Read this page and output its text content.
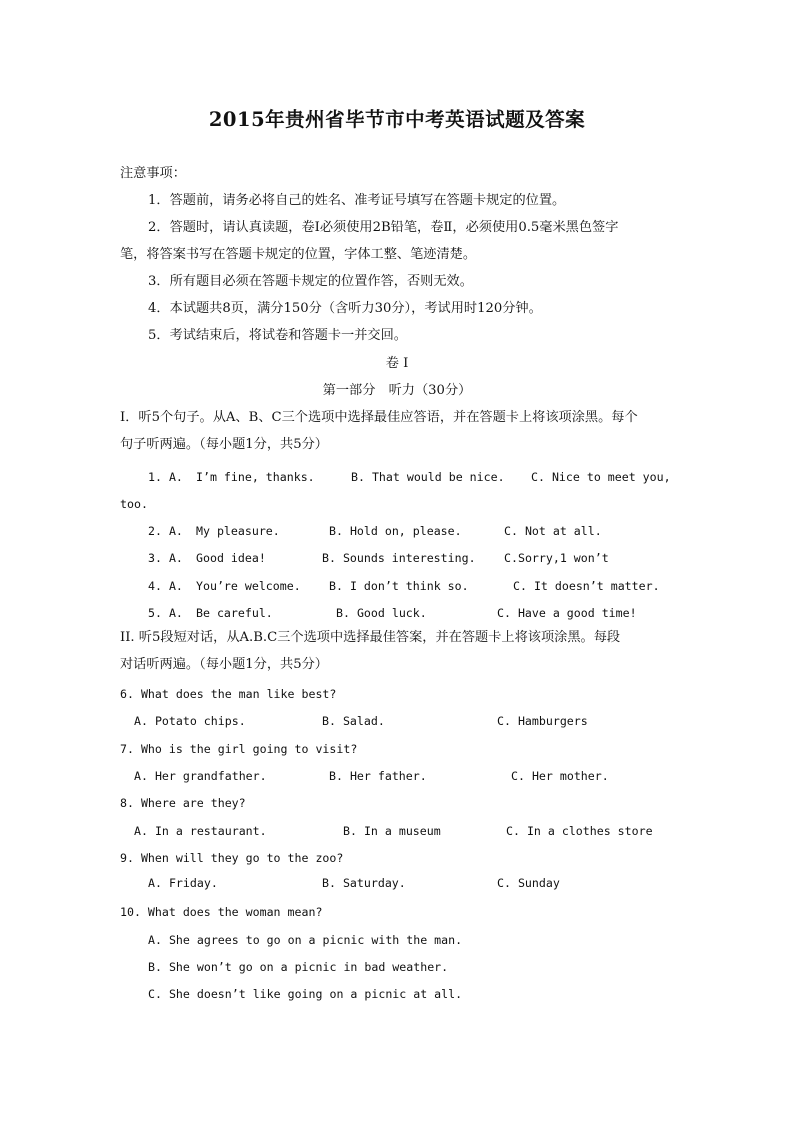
2015年贵州省毕节市中考英语试题及答案
注意事项：
1．答题前，请务必将自己的姓名、准考证号填写在答题卡规定的位置。
2．答题时，请认真读题，卷Ⅰ必须使用2B铅笔，卷Ⅱ，必须使用0.5毫米黑色签字
笔，将答案书写在答题卡规定的位置，字体工整、笔迹清楚。
3．所有题目必须在答题卡规定的位置作答，否则无效。
4．本试题共8页，满分150分（含听力30分），考试用时120分钟。
5．考试结束后，将试卷和答题卡一并交回。
卷 I
第一部分　听力（30分）
I．听5个句子。从A、B、C三个选项中选择最佳应答语，并在答题卡上将该项涂黑。每个
句子听两遍。（每小题1分，共5分）
1. A. I’m fine, thanks.	B. That would be nice. C. Nice to meet you,
too.
2. A. My pleasure.	B. Hold on, please.	C. Not at all.
3. A. Good idea!	B. Sounds interesting. C.Sorry,1 won’t
4. A. You’re welcome. B. I don’t think so.	C. It doesn’t matter.
5. A. Be careful.	B. Good luck.	C. Have a good time!
II. 听5段短对话，从A.B.C三个选项中选择最佳答案，并在答题卡上将该项涂黑。每段
对话听两遍。（每小题1分，共5分）
6. What does the man like best?
A. Potato chips.	B. Salad.	C. Hamburgers
7. Who is the girl going to visit?
A. Her grandfather.	B. Her father.	C. Her mother.
8. Where are they?
A. In a restaurant.	B. In a museum	C. In a clothes store
9. When will they go to the zoo?
A. Friday.	B. Saturday.	C. Sunday
10. What does the woman mean?
A. She agrees to go on a picnic with the man.
B. She won’t go on a picnic in bad weather.
C. She doesn’t like going on a picnic at all.
